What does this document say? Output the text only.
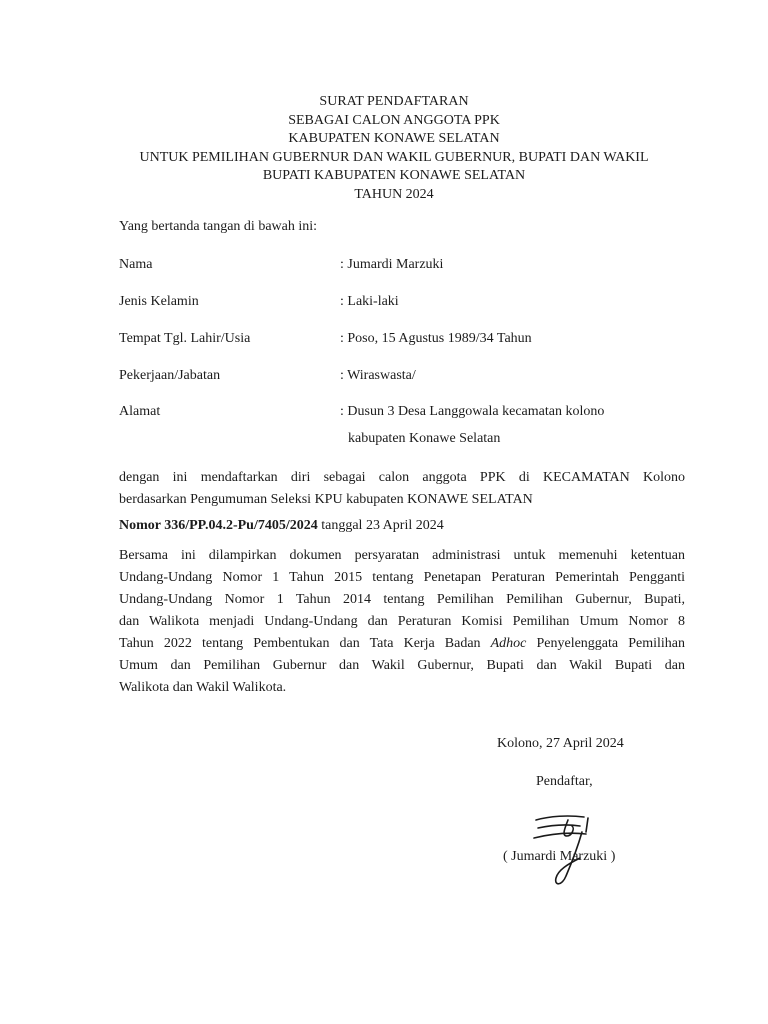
SURAT PENDAFTARAN
SEBAGAI CALON ANGGOTA PPK
KABUPATEN KONAWE SELATAN
UNTUK PEMILIHAN GUBERNUR DAN WAKIL GUBERNUR, BUPATI DAN WAKIL
BUPATI KABUPATEN KONAWE SELATAN
TAHUN 2024
Yang bertanda tangan di bawah ini:
Nama	: Jumardi Marzuki
Jenis Kelamin	: Laki-laki
Tempat Tgl. Lahir/Usia	: Poso, 15 Agustus 1989/34 Tahun
Pekerjaan/Jabatan	: Wiraswasta/
Alamat	: Dusun 3 Desa Langgowala kecamatan kolono
kabupaten Konawe Selatan
dengan ini mendaftarkan diri sebagai calon anggota PPK di KECAMATAN Kolono
berdasarkan Pengumuman Seleksi KPU kabupaten KONAWE SELATAN
Nomor 336/PP.04.2-Pu/7405/2024 tanggal 23 April 2024
Bersama ini dilampirkan dokumen persyaratan administrasi untuk memenuhi ketentuan
Undang-Undang Nomor 1 Tahun 2015 tentang Penetapan Peraturan Pemerintah Pengganti
Undang-Undang Nomor 1 Tahun 2014 tentang Pemilihan Pemilihan Gubernur, Bupati,
dan Walikota menjadi Undang-Undang dan Peraturan Komisi Pemilihan Umum Nomor 8
Tahun 2022 tentang Pembentukan dan Tata Kerja Badan Adhoc Penyelenggata Pemilihan
Umum dan Pemilihan Gubernur dan Wakil Gubernur, Bupati dan Wakil Bupati dan
Walikota dan Wakil Walikota.
Kolono, 27 April 2024
Pendaftar,
( Jumardi Marzuki )
